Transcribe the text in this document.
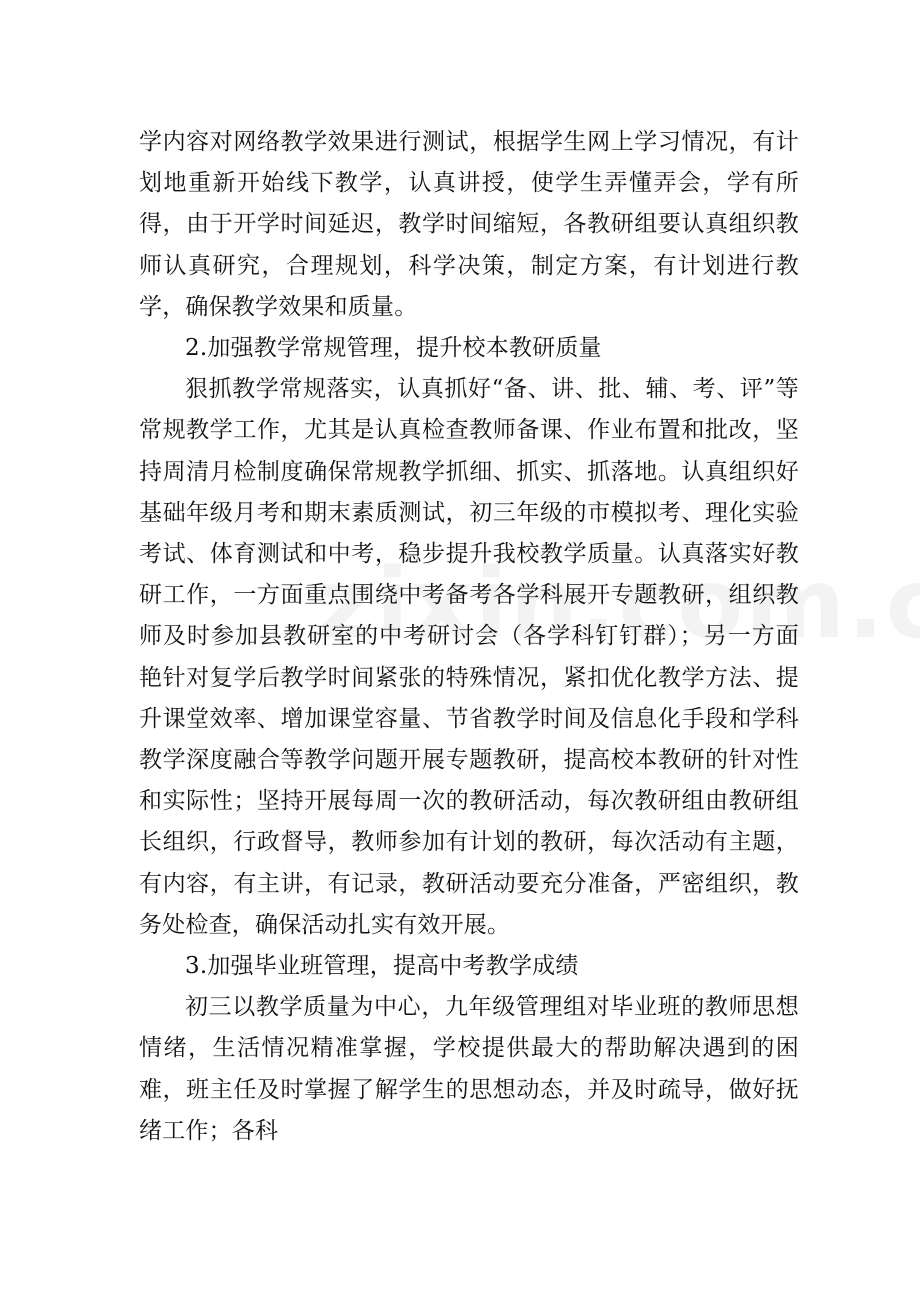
学内容对网络教学效果进行测试，根据学生网上学习情况，有计划地重新开始线下教学，认真讲授，使学生弄懂弄会，学有所得，由于开学时间延迟，教学时间缩短，各教研组要认真组织教师认真研究，合理规划，科学决策，制定方案，有计划进行教学，确保教学效果和质量。

2.加强教学常规管理，提升校本教研质量

狠抓教学常规落实，认真抓好“备、讲、批、辅、考、评”等常规教学工作，尤其是认真检查教师备课、作业布置和批改，坚持周清月检制度确保常规教学抓细、抓实、抓落地。认真组织好基础年级月考和期末素质测试，初三年级的市模拟考、理化实验考试、体育测试和中考，稳步提升我校教学质量。认真落实好教研工作，一方面重点围绕中考备考各学科展开专题教研，组织教师及时参加县教研室的中考研讨会（各学科钉钉群）；另一方面艳针对复学后教学时间紧张的特殊情况，紧扣优化教学方法、提升课堂效率、增加课堂容量、节省教学时间及信息化手段和学科教学深度融合等教学问题开展专题教研，提高校本教研的针对性和实际性；坚持开展每周一次的教研活动，每次教研组由教研组长组织，行政督导，教师参加有计划的教研，每次活动有主题，有内容，有主讲，有记录，教研活动要充分准备，严密组织，教务处检查，确保活动扎实有效开展。

3.加强毕业班管理，提高中考教学成绩

初三以教学质量为中心，九年级管理组对毕业班的教师思想情绪，生活情况精准掌握，学校提供最大的帮助解决遇到的困难，班主任及时掌握了解学生的思想动态，并及时疏导，做好抚绪工作；各科
